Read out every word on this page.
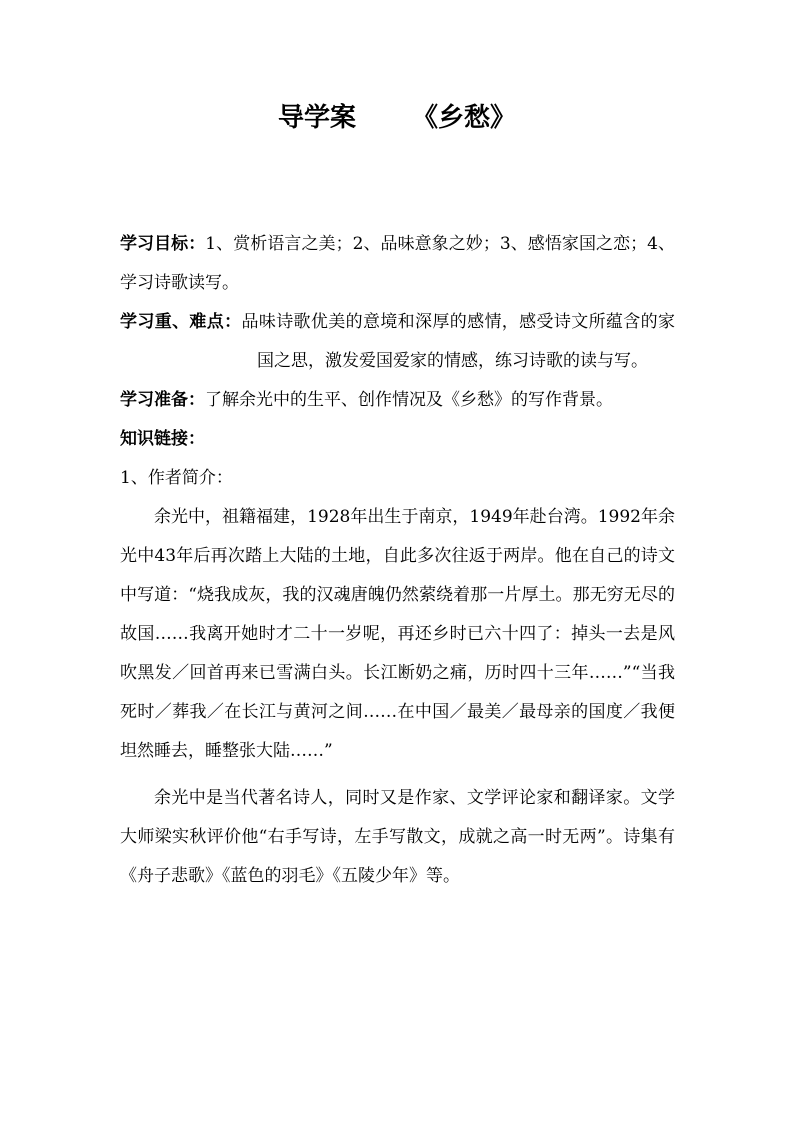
导学案 《乡愁》

学习目标：1、赏析语言之美；2、品味意象之妙；3、感悟家国之恋；4、学习诗歌读写。

学习重、难点：品味诗歌优美的意境和深厚的感情，感受诗文所蕴含的家国之思，激发爱国爱家的情感，练习诗歌的读与写。

学习准备：了解余光中的生平、创作情况及《乡愁》的写作背景。

知识链接：

1、作者简介：

余光中，祖籍福建，1928年出生于南京，1949年赴台湾。1992年余光中43年后再次踏上大陆的土地，自此多次往返于两岸。他在自己的诗文中写道：“烧我成灰，我的汉魂唐魄仍然萦绕着那一片厚土。那无穷无尽的故国……我离开她时才二十一岁呢，再还乡时已六十四了：掉头一去是风吹黑发／回首再来已雪满白头。长江断奶之痛，历时四十三年……”“当我死时／葬我／在长江与黄河之间……在中国／最美／最母亲的国度／我便坦然睡去，睡整张大陆……”

余光中是当代著名诗人，同时又是作家、文学评论家和翻译家。文学大师梁实秋评价他“右手写诗，左手写散文，成就之高一时无两”。诗集有《舟子悲歌》《蓝色的羽毛》《五陵少年》等。
